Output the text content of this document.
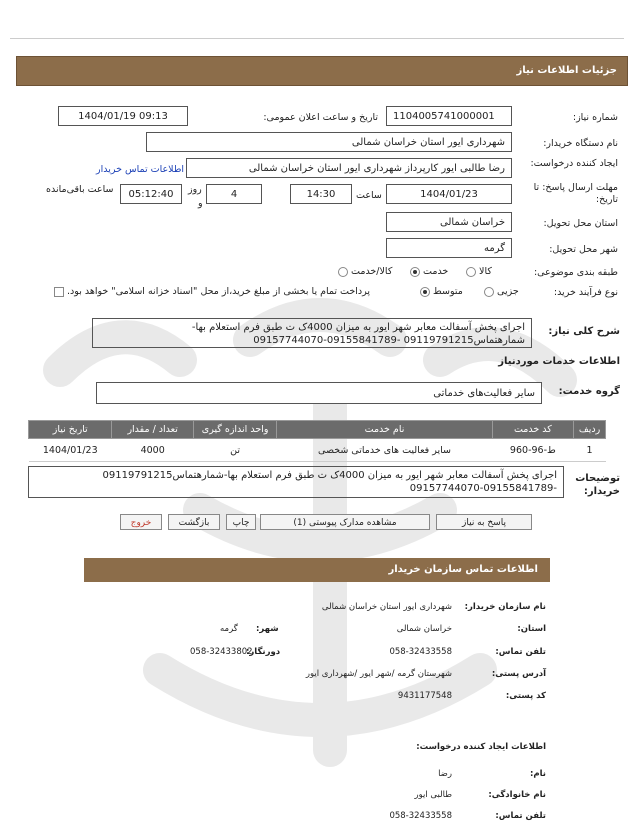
جزئیات اطلاعات نیاز
شماره نیاز:
1104005741000001
تاریخ و ساعت اعلان عمومی:
1404/01/19 09:13
نام دستگاه خریدار:
شهرداری ایور استان خراسان شمالی
ایجاد کننده درخواست:
رضا طالبی ایور کارپرداز شهرداری ایور استان خراسان شمالی
اطلاعات تماس خریدار
مهلت ارسال پاسخ: تا تاریخ:
1404/01/23
ساعت
14:30
4
روز
و
05:12:40
ساعت باقی‌مانده
استان محل تحویل:
خراسان شمالی
شهر محل تحویل:
گرمه
طبقه بندی موضوعی:
کالا
خدمت
کالا/خدمت
نوع فرآیند خرید:
جزیی
متوسط
پرداخت تمام یا بخشی از مبلغ خرید،از محل "اسناد خزانه اسلامی" خواهد بود.
شرح کلی نیاز:
اجرای پخش آسفالت معابر شهر ایور به میزان 4000ک ت طبق فرم استعلام بها-شمارهتماس09119791215 -09155841789-09157744070
اطلاعات خدمات موردنیاز
گروه خدمت:
سایر فعالیت‌های خدماتی
ردیف	کد خدمت	نام خدمت	واحد اندازه گیری	تعداد / مقدار	تاریخ نیاز
1	ط-96-960	سایر فعالیت های خدماتی شخصی	تن	4000	1404/01/23
توضیحات خریدار:
اجرای پخش آسفالت معابر شهر ایور به میزان 4000ک ت طبق فرم استعلام بها-شمارهتماس09119791215 -09155841789-09157744070
پاسخ به نیاز
مشاهده مدارک پیوستی (1)
چاپ
بازگشت
خروج
اطلاعات تماس سازمان خریدار
نام سازمان خریدار:
شهرداری ایور استان خراسان شمالی
استان:
خراسان شمالی
شهر:
گرمه
تلفن تماس:
058-32433558
دورنگار:
058-32433802
آدرس پستی:
شهرستان گرمه /شهر ایور /شهرداری ایور
کد پستی:
9431177548
اطلاعات ایجاد کننده درخواست:
نام:
رضا
نام خانوادگی:
طالبی ایور
تلفن تماس:
058-32433558
